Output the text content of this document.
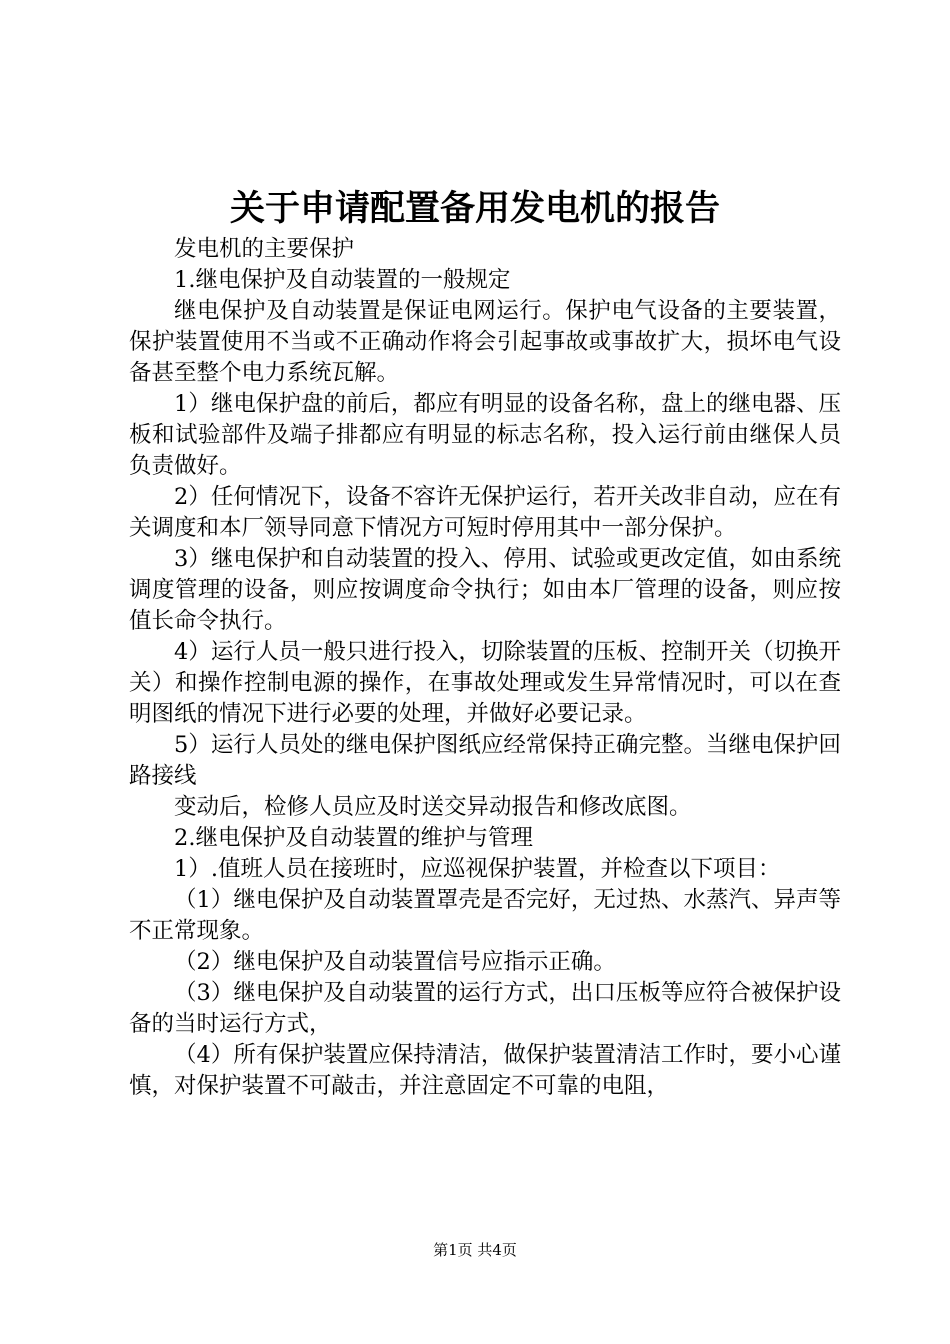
关于申请配置备用发电机的报告

发电机的主要保护

1.继电保护及自动装置的一般规定

继电保护及自动装置是保证电网运行。保护电气设备的主要装置，保护装置使用不当或不正确动作将会引起事故或事故扩大，损坏电气设备甚至整个电力系统瓦解。

1）继电保护盘的前后，都应有明显的设备名称，盘上的继电器、压板和试验部件及端子排都应有明显的标志名称，投入运行前由继保人员负责做好。

2）任何情况下，设备不容许无保护运行，若开关改非自动，应在有关调度和本厂领导同意下情况方可短时停用其中一部分保护。

3）继电保护和自动装置的投入、停用、试验或更改定值，如由系统调度管理的设备，则应按调度命令执行；如由本厂管理的设备，则应按值长命令执行。

4）运行人员一般只进行投入，切除装置的压板、控制开关（切换开关）和操作控制电源的操作，在事故处理或发生异常情况时，可以在查明图纸的情况下进行必要的处理，并做好必要记录。

5）运行人员处的继电保护图纸应经常保持正确完整。当继电保护回路接线

变动后，检修人员应及时送交异动报告和修改底图。

2.继电保护及自动装置的维护与管理

1）.值班人员在接班时，应巡视保护装置，并检查以下项目：

（1）继电保护及自动装置罩壳是否完好，无过热、水蒸汽、异声等不正常现象。

（2）继电保护及自动装置信号应指示正确。

（3）继电保护及自动装置的运行方式，出口压板等应符合被保护设备的当时运行方式，

（4）所有保护装置应保持清洁，做保护装置清洁工作时，要小心谨慎，对保护装置不可敲击，并注意固定不可靠的电阻，

第1页 共4页
